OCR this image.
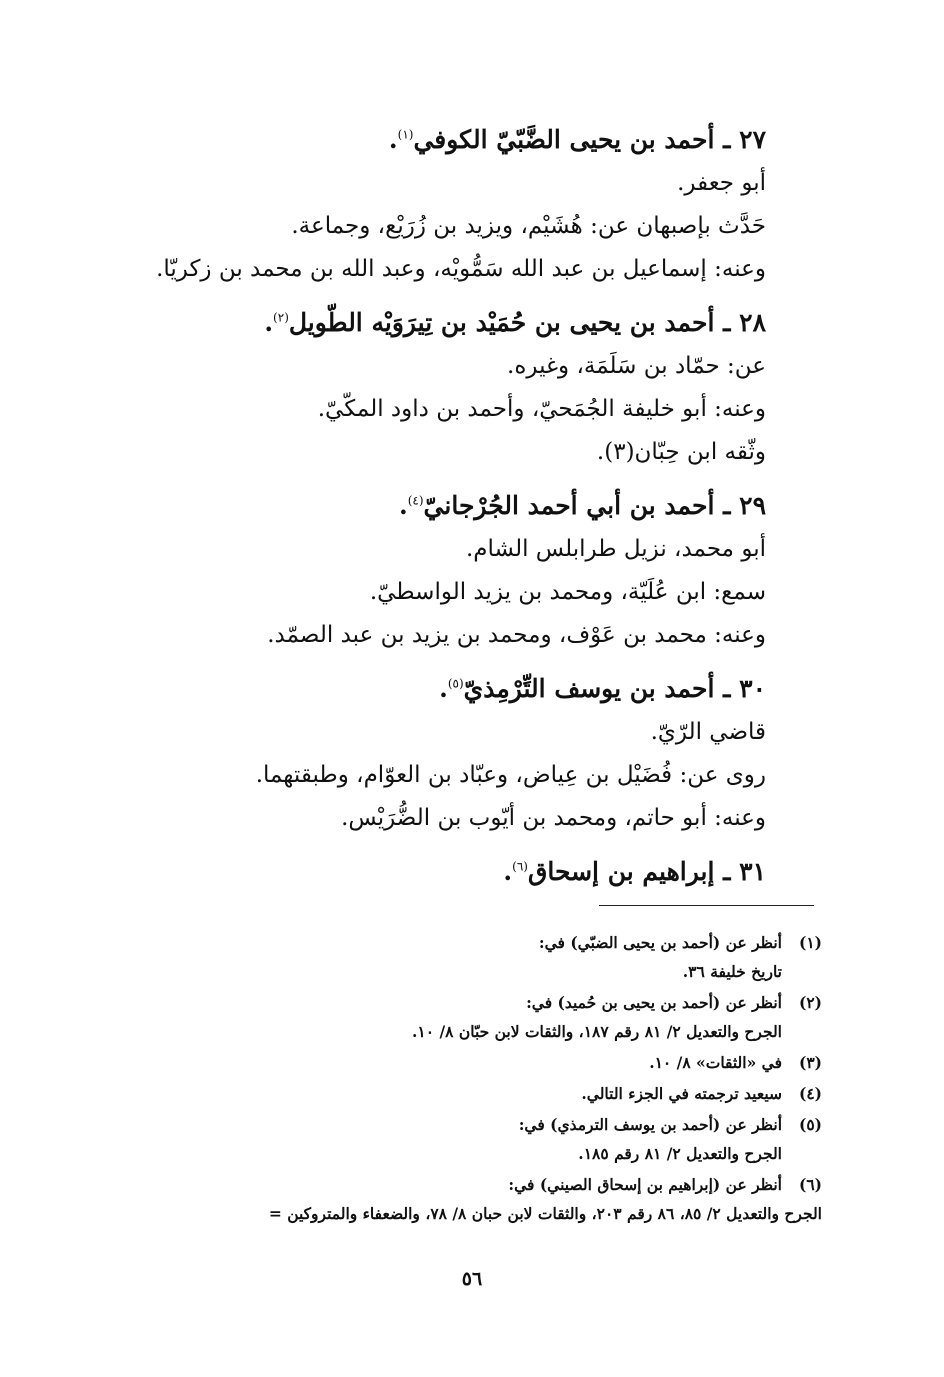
٢٧ ـ أحمد بن يحيى الضَّبّيّ الكوفي$^{(١)}$.
أبو جعفر.
حَدَّث بإصبهان عن: هُشَيْم، ويزيد بن زُرَيْع، وجماعة.
وعنه: إسماعيل بن عبد الله سَمُّويْه، وعبد الله بن محمد بن زكريّا.
٢٨ ـ أحمد بن يحيى بن حُمَيْد بن تِيرَوَيْه الطّويل$^{(٢)}$.
عن: حمّاد بن سَلَمَة، وغيره.
وعنه: أبو خليفة الجُمَحيّ، وأحمد بن داود المكّيّ.
وثّقه ابن حِبّان(٣).
٢٩ ـ أحمد بن أبي أحمد الجُرْجانيّ$^{(٤)}$.
أبو محمد، نزيل طرابلس الشام.
سمع: ابن عُلَيّة، ومحمد بن يزيد الواسطيّ.
وعنه: محمد بن عَوْف، ومحمد بن يزيد بن عبد الصمّد.
٣٠ ـ أحمد بن يوسف التِّرْمِذيّ$^{(٥)}$.
قاضي الرّيّ.
روى عن: فُضَيْل بن عِياض، وعبّاد بن العوّام، وطبقتهما.
وعنه: أبو حاتم، ومحمد بن أيّوب بن الضُّرَيْس.
٣١ ـ إبراهيم بن إسحاق$^{(٦)}$.
(١)
أنظر عن (أحمد بن يحيى الضبّي) في:
تاريخ خليفة ٣٦.
(٢)
أنظر عن (أحمد بن يحيى بن حُميد) في:
الجرح والتعديل ٢/ ٨١ رقم ١٨٧، والثقات لابن حبّان ٨/ ١٠.
(٣)
في «الثقات» ٨/ ١٠.
(٤)
سيعيد ترجمته في الجزء التالي.
(٥)
أنظر عن (أحمد بن يوسف الترمذي) في:
الجرح والتعديل ٢/ ٨١ رقم ١٨٥.
(٦)
أنظر عن (إبراهيم بن إسحاق الصيني) في:
الجرح والتعديل ٢/ ٨٥، ٨٦ رقم ٢٠٣، والثقات لابن حبان ٨/ ٧٨، والضعفاء والمتروكين =
٥٦
